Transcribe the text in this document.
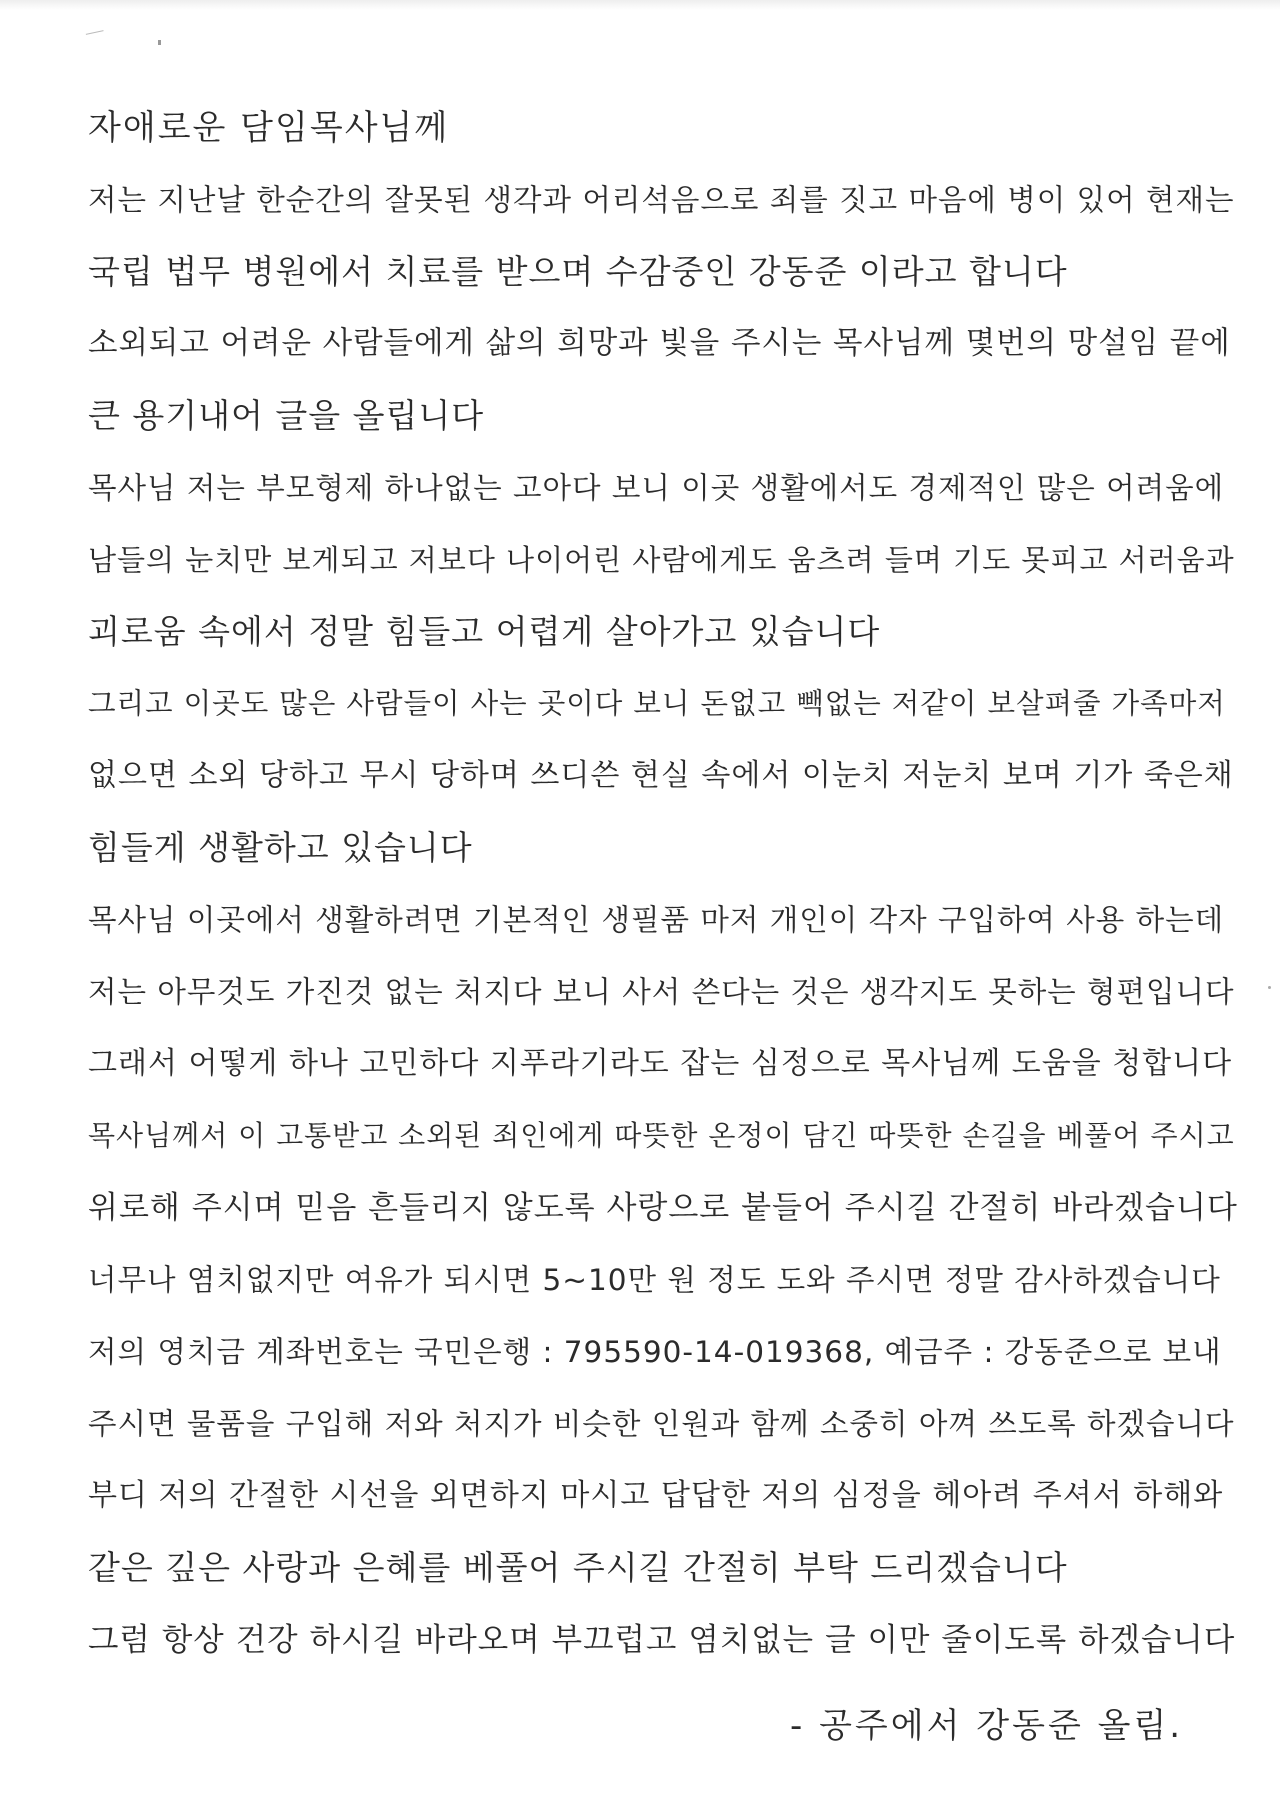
자애로운 담임목사님께
저는 지난날 한순간의 잘못된 생각과 어리석음으로 죄를 짓고 마음에 병이 있어 현재는
국립 법무 병원에서 치료를 받으며 수감중인 강동준 이라고 합니다
소외되고 어려운 사람들에게 삶의 희망과 빛을 주시는 목사님께 몇번의 망설임 끝에
큰 용기내어 글을 올립니다
목사님 저는 부모형제 하나없는 고아다 보니 이곳 생활에서도 경제적인 많은 어려움에
남들의 눈치만 보게되고 저보다 나이어린 사람에게도 움츠려 들며 기도 못피고 서러움과
괴로움 속에서 정말 힘들고 어렵게 살아가고 있습니다
그리고 이곳도 많은 사람들이 사는 곳이다 보니 돈없고 빽없는 저같이 보살펴줄 가족마저
없으면 소외 당하고 무시 당하며 쓰디쓴 현실 속에서 이눈치 저눈치 보며 기가 죽은채
힘들게 생활하고 있습니다
목사님 이곳에서 생활하려면 기본적인 생필품 마저 개인이 각자 구입하여 사용 하는데
저는 아무것도 가진것 없는 처지다 보니 사서 쓴다는 것은 생각지도 못하는 형편입니다
그래서 어떻게 하나 고민하다 지푸라기라도 잡는 심정으로 목사님께 도움을 청합니다
목사님께서 이 고통받고 소외된 죄인에게 따뜻한 온정이 담긴 따뜻한 손길을 베풀어 주시고
위로해 주시며 믿음 흔들리지 않도록 사랑으로 붙들어 주시길 간절히 바라겠습니다
너무나 염치없지만 여유가 되시면 5~10만 원 정도 도와 주시면 정말 감사하겠습니다
저의 영치금 계좌번호는 국민은행 : 795590-14-019368, 예금주 : 강동준으로 보내
주시면 물품을 구입해 저와 처지가 비슷한 인원과 함께 소중히 아껴 쓰도록 하겠습니다
부디 저의 간절한 시선을 외면하지 마시고 답답한 저의 심정을 헤아려 주셔서 하해와
같은 깊은 사랑과 은혜를 베풀어 주시길 간절히 부탁 드리겠습니다
그럼 항상 건강 하시길 바라오며 부끄럽고 염치없는 글 이만 줄이도록 하겠습니다
- 공주에서 강동준 올림.
